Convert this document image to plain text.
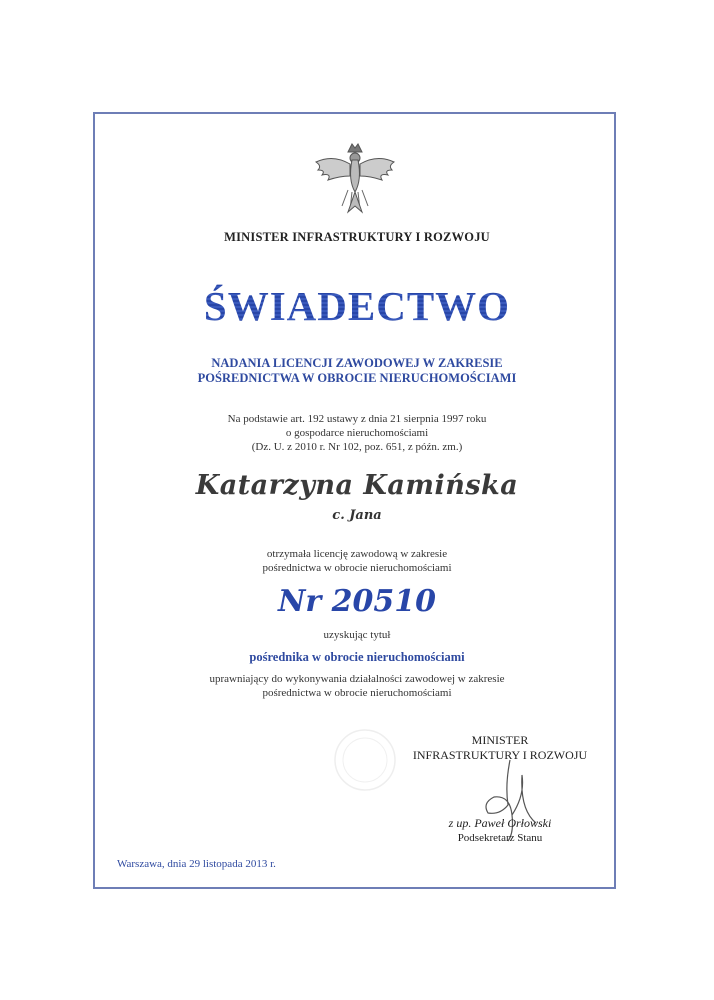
MINISTER INFRASTRUKTURY I ROZWOJU

ŚWIADECTWO

NADANIA LICENCJI ZAWODOWEJ W ZAKRESIE

POŚREDNICTWA W OBROCIE NIERUCHOMOŚCIAMI

Na podstawie art. 192 ustawy z dnia 21 sierpnia 1997 roku

o gospodarce nieruchomościami

(Dz. U. z 2010 r. Nr 102, poz. 651, z późn. zm.)

Katarzyna Kamińska

c. Jana

otrzymała licencję zawodową w zakresie

pośrednictwa w obrocie nieruchomościami

Nr 20510

uzyskując tytuł

pośrednika w obrocie nieruchomościami

uprawniający do wykonywania działalności zawodowej w zakresie

pośrednictwa w obrocie nieruchomościami

MINISTER
INFRASTRUKTURY I ROZWOJU
z up. Paweł Orłowski
Podsekretarz Stanu
Warszawa, dnia 29 listopada 2013 r.
